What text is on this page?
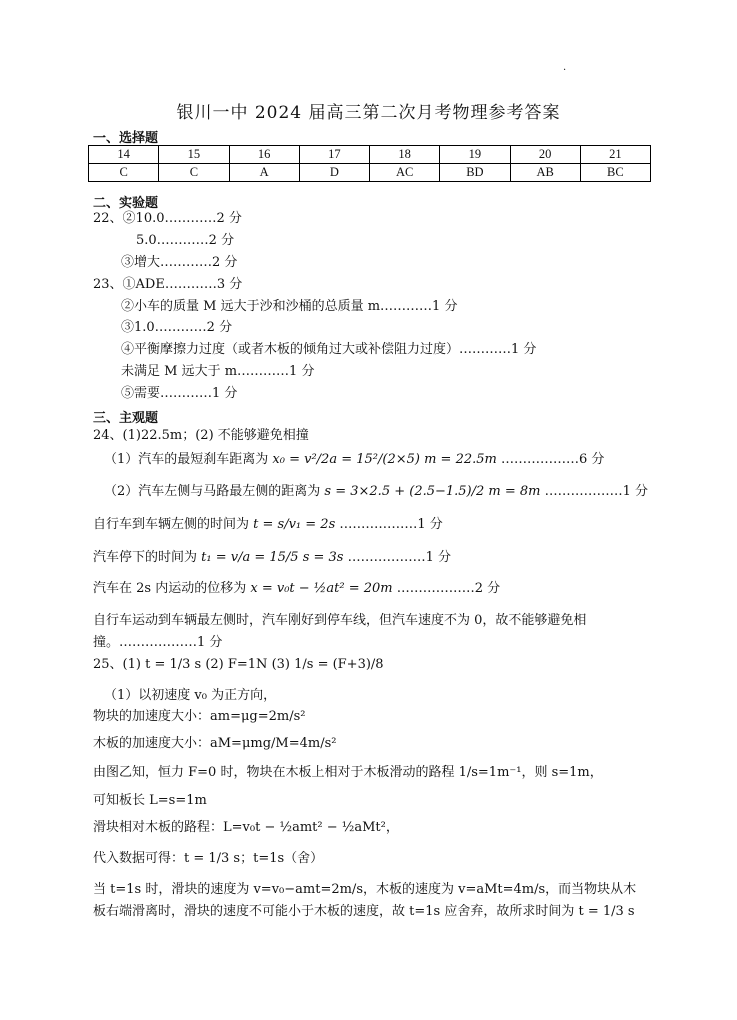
.
银川一中 2024 届高三第二次月考物理参考答案
一、选择题
14	15	16	17	18	19	20	21
C	C	A	D	AC	BD	AB	BC
二、实验题
22、②10.0…………2 分
5.0…………2 分
③增大…………2 分
23、①ADE…………3 分
②小车的质量 M 远大于沙和沙桶的总质量 m…………1 分
③1.0…………2 分
④平衡摩擦力过度（或者木板的倾角过大或补偿阻力过度）…………1 分
未满足 M 远大于 m…………1 分
⑤需要…………1 分
三、主观题
24、(1)22.5m；(2) 不能够避免相撞
（1）汽车的最短刹车距离为 x₀ = v²/2a = 15²/(2×5) m = 22.5m ………………6 分
（2）汽车左侧与马路最左侧的距离为 s = 3×2.5 + (2.5−1.5)/2 m = 8m ………………1 分
自行车到车辆左侧的时间为 t = s/v₁ = 2s ………………1 分
汽车停下的时间为 t₁ = v/a = 15/5 s = 3s ………………1 分
汽车在 2s 内运动的位移为 x = v₀t − ½at² = 20m ………………2 分
自行车运动到车辆最左侧时，汽车刚好到停车线，但汽车速度不为 0，故不能够避免相撞。………………1 分
25、(1) t = 1/3 s (2) F=1N (3) 1/s = (F+3)/8
（1）以初速度 v₀ 为正方向，
物块的加速度大小：am=μg=2m/s²
木板的加速度大小：aM=μmg/M=4m/s²
由图乙知，恒力 F=0 时，物块在木板上相对于木板滑动的路程 1/s=1m⁻¹，则 s=1m，
可知板长 L=s=1m
滑块相对木板的路程：L=v₀t − ½amt² − ½aMt²，
代入数据可得：t = 1/3 s；t=1s（舍）
当 t=1s 时，滑块的速度为 v=v₀−amt=2m/s，木板的速度为 v=aMt=4m/s，而当物块从木板右端滑离时，滑块的速度不可能小于木板的速度，故 t=1s 应舍弃，故所求时间为 t = 1/3 s
